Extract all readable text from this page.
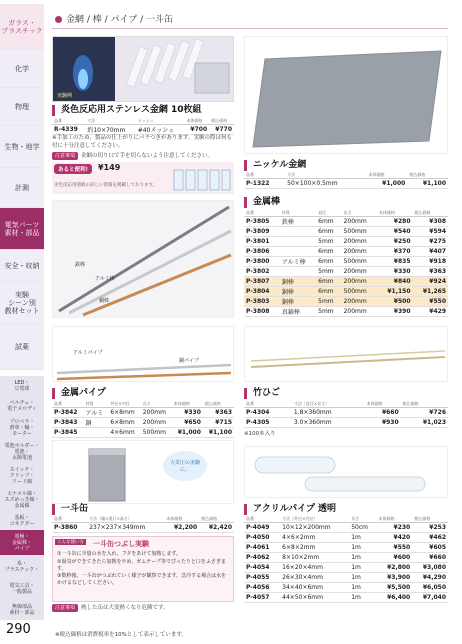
ガラス・
プラスチック
化学
物理
生物・地学
計測
電気パーツ
素材・部品
安全・収納
実験
シーン別
教材セット
試薬
LED・
豆電球
ベルチェ・
電子メロディ
プロペラ・
滑車・軸・
モーター
電池ホルダー・
電池・
太陽電池
スイッチ・
クリップ・
リード線
エナメル線・
スズめっき線・
金属線
基板・
コネクター
電極・
金属棒・
パイプ
糸・
プラスチック・
電気工具・
一般製品
無線部品
素材・部品
金網 / 棒 / パイプ / 一斗缶
実験例
炎色反応用ステンレス金網 10枚組
品番	寸法	メッシュ	本体価格	税込価格
R-4339	約10×70mm	#40メッシュ	¥700	¥770
※手加工のため、製品の仕上がりにバラつきがあります。実験の際は何も付に十分注意してください。
注意事項 金網の切り口で手を切らないよう注意してください。
あると便利!	¥149
炎色反応用溶液の詳しい情報を掲載しております。
ニッケル金網
品番	寸法	本体価格	税込価格
P-1322	50×100×0.5mm	¥1,000	¥1,100
鉄棒
アルミ棒
銅棒
金属棒
品番	材質	直径	長さ	本体価格	税込価格
P-3805	鉄棒	6mm	200mm	¥280	¥308
P-3809		6mm	500mm	¥540	¥594
P-3801		5mm	200mm	¥250	¥275
P-3806		6mm	200mm	¥370	¥407
P-3800	アルミ棒	6mm	500mm	¥835	¥918
P-3802		5mm	200mm	¥330	¥363
P-3807	銅棒	6mm	200mm	¥840	¥924
P-3804	銅棒	6mm	500mm	¥1,150	¥1,265
P-3803	銅棒	5mm	200mm	¥500	¥550
P-3808	真鍮棒	5mm	200mm	¥390	¥429
アルミパイプ
銅パイプ
金属パイプ
品番	材質	外径×内径	長さ	本体価格	税込価格
P-3842	アルミ	6×8mm	200mm	¥330	¥363
P-3843	銅	6×8mm	200mm	¥650	¥715
P-3845		4×6mm	500mm	¥1,000	¥1,100
竹ひご
品番	寸法（直径×長さ）	本体価格	税込価格
P-4304	1.8×360mm	¥660	¥726
P-4305	3.0×360mm	¥930	¥1,023
※100本入り
大気圧の実験に。
一斗缶
品番	寸法（幅×奥行×高さ）	本体価格	税込価格
P-3860	237×237×349mm	¥2,200	¥2,420
こんな使い方 一斗缶つぶし実験
①一斗缶に少量の水を入れ、フタをあけて加熱します。
②湯気ができてきたら加熱をやめ、ガムテープ等でぴったりと口をふさぎます。
③数秒後、一斗缶がつぶれていく様子が観察できます。急冷する場合は水をかけるなどしてください。
注意事項 熱した缶は大変熱くなり危険です。
アクリルパイプ 透明
品番	寸法（外径×内径）	長さ	本体価格	税込価格
P-4049	10×12×200mm	50cm	¥230	¥253
P-4050	4×6×2mm	1m	¥420	¥462
P-4061	6×8×2mm	1m	¥550	¥605
P-4062	8×10×2mm	1m	¥600	¥660
P-4054	16×20×4mm	1m	¥2,800	¥3,080
P-4055	26×30×4mm	1m	¥3,900	¥4,290
P-4056	34×40×6mm	1m	¥5,500	¥6,050
P-4057	44×50×6mm	1m	¥6,400	¥7,040
290	※税込価格は消費税率を10%として表示しています。
